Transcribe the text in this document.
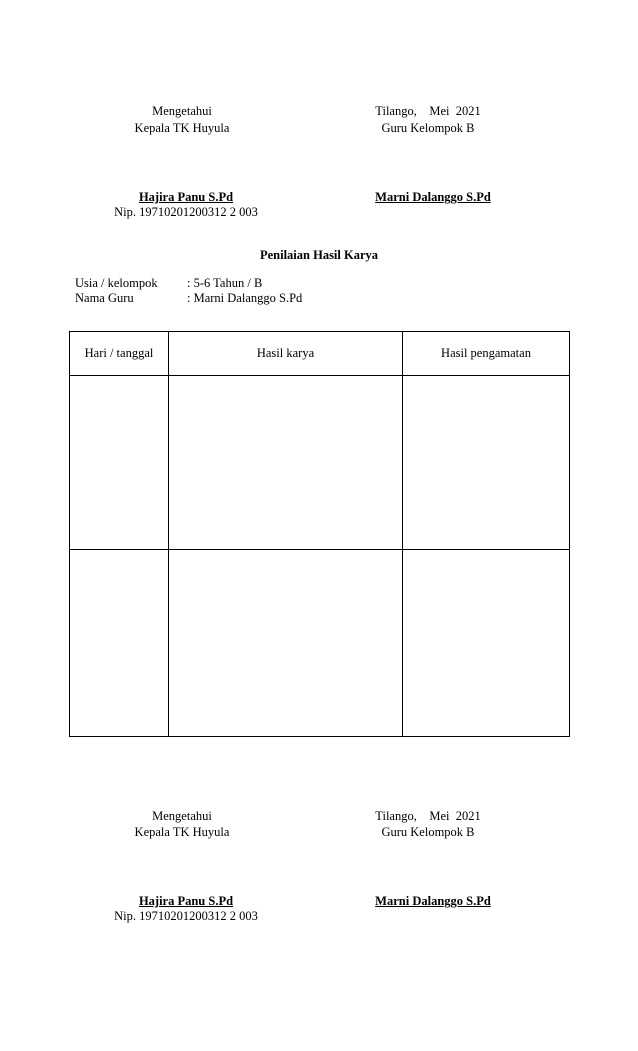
Mengetahui
Kepala TK Huyula
Tilango,    Mei  2021
Guru Kelompok B
Hajira Panu S.Pd
Nip. 19710201200312 2 003
Marni Dalanggo S.Pd
Penilaian Hasil Karya
Usia / kelompok : 5-6 Tahun / B
Nama Guru	: Marni Dalanggo S.Pd
Hari / tanggal	Hasil karya	Hasil pengamatan

Mengetahui
Kepala TK Huyula
Tilango,    Mei  2021
Guru Kelompok B
Hajira Panu S.Pd
Nip. 19710201200312 2 003
Marni Dalanggo S.Pd
